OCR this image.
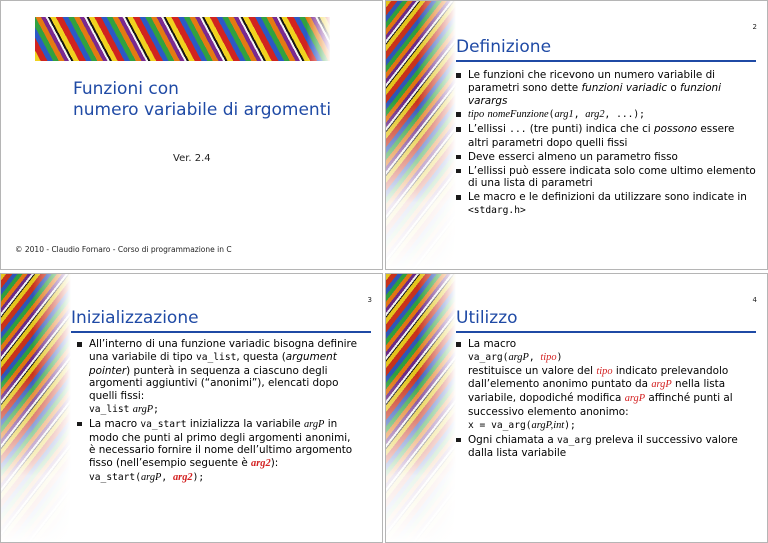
Funzioni con
numero variabile di argomenti
Ver. 2.4
© 2010 - Claudio Fornaro - Corso di programmazione in C
2
Definizione
Le funzioni che ricevono un numero variabile di parametri sono dette funzioni variadic o funzioni varargs
tipo nomeFunzione(arg1, arg2, ...);
L’ellissi ... (tre punti) indica che ci possono essere altri parametri dopo quelli fissi
Deve esserci almeno un parametro fisso
L’ellissi può essere indicata solo come ultimo elemento di una lista di parametri
Le macro e le definizioni da utilizzare sono indicate in <stdarg.h>
3
Inizializzazione
All’interno di una funzione variadic bisogna definire una variabile di tipo va_list, questa (argument pointer) punterà in sequenza a ciascuno degli argomenti aggiuntivi (“anonimi”), elencati dopo quelli fissi:
va_list argP;
La macro va_start inizializza la variabile argP in modo che punti al primo degli argomenti anonimi, è necessario fornire il nome dell’ultimo argomento fisso (nell’esempio seguente è arg2):
va_start(argP, arg2);
4
Utilizzo
La macro
va_arg(argP, tipo)
restituisce un valore del tipo indicato prelevandolo dall’elemento anonimo puntato da argP nella lista variabile, dopodiché modifica argP affinché punti al successivo elemento anonimo:
x = va_arg(argP,int);
Ogni chiamata a va_arg preleva il successivo valore dalla lista variabile
